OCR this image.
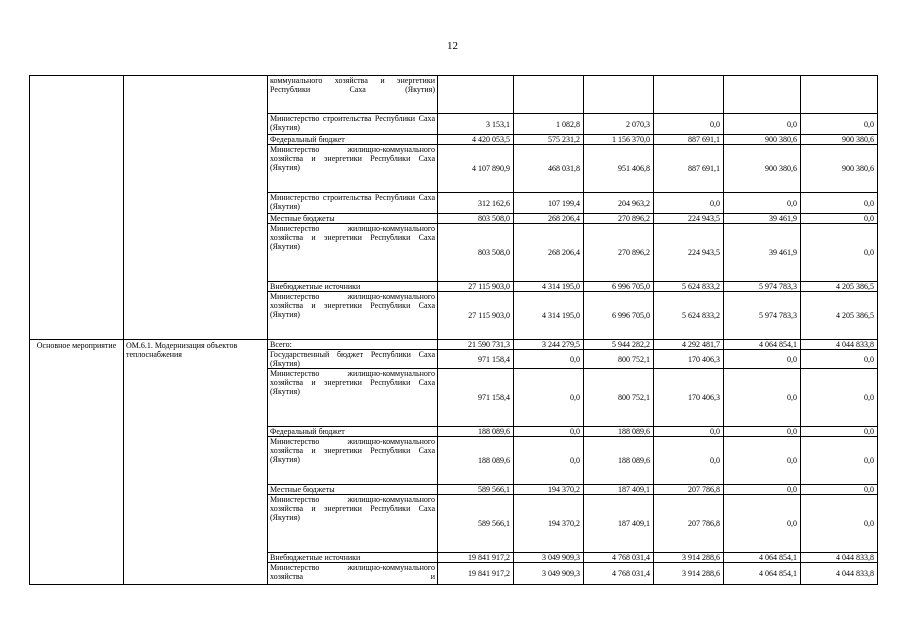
12
		коммунального хозяйства и энергетики Республики Саха (Якутия)						
		Министерство строительства Республики Саха (Якутия)	3 153,1	1 082,8	2 070,3	0,0	0,0	0,0
		Федеральный бюджет	4 420 053,5	575 231,2	1 156 370,0	887 691,1	900 380,6	900 380,6
		Министерство жилищно-коммунального хозяйства и энергетики Республики Саха (Якутия)	4 107 890,9	468 031,8	951 406,8	887 691,1	900 380,6	900 380,6
		Министерство строительства Республики Саха (Якутия)	312 162,6	107 199,4	204 963,2	0,0	0,0	0,0
		Местные бюджеты	803 508,0	268 206,4	270 896,2	224 943,5	39 461,9	0,0
		Министерство жилищно-коммунального хозяйства и энергетики Республики Саха (Якутия)	803 508,0	268 206,4	270 896,2	224 943,5	39 461,9	0,0
		Внебюджетные источники	27 115 903,0	4 314 195,0	6 996 705,0	5 624 833,2	5 974 783,3	4 205 386,5
		Министерство жилищно-коммунального хозяйства и энергетики Республики Саха (Якутия)	27 115 903,0	4 314 195,0	6 996 705,0	5 624 833,2	5 974 783,3	4 205 386,5
Основное мероприятие	ОМ.6.1. Модернизация объектов теплоснабжения	Всего:	21 590 731,3	3 244 279,5	5 944 282,2	4 292 481,7	4 064 854,1	4 044 833,8
		Государственный бюджет Республики Саха (Якутия)	971 158,4	0,0	800 752,1	170 406,3	0,0	0,0
		Министерство жилищно-коммунального хозяйства и энергетики Республики Саха (Якутия)	971 158,4	0,0	800 752,1	170 406,3	0,0	0,0
		Федеральный бюджет	188 089,6	0,0	188 089,6	0,0	0,0	0,0
		Министерство жилищно-коммунального хозяйства и энергетики Республики Саха (Якутия)	188 089,6	0,0	188 089,6	0,0	0,0	0,0
		Местные бюджеты	589 566,1	194 370,2	187 409,1	207 786,8	0,0	0,0
		Министерство жилищно-коммунального хозяйства и энергетики Республики Саха (Якутия)	589 566,1	194 370,2	187 409,1	207 786,8	0,0	0,0
		Внебюджетные источники	19 841 917,2	3 049 909,3	4 768 031,4	3 914 288,6	4 064 854,1	4 044 833,8
		Министерство жилищно-коммунального хозяйства и	19 841 917,2	3 049 909,3	4 768 031,4	3 914 288,6	4 064 854,1	4 044 833,8
